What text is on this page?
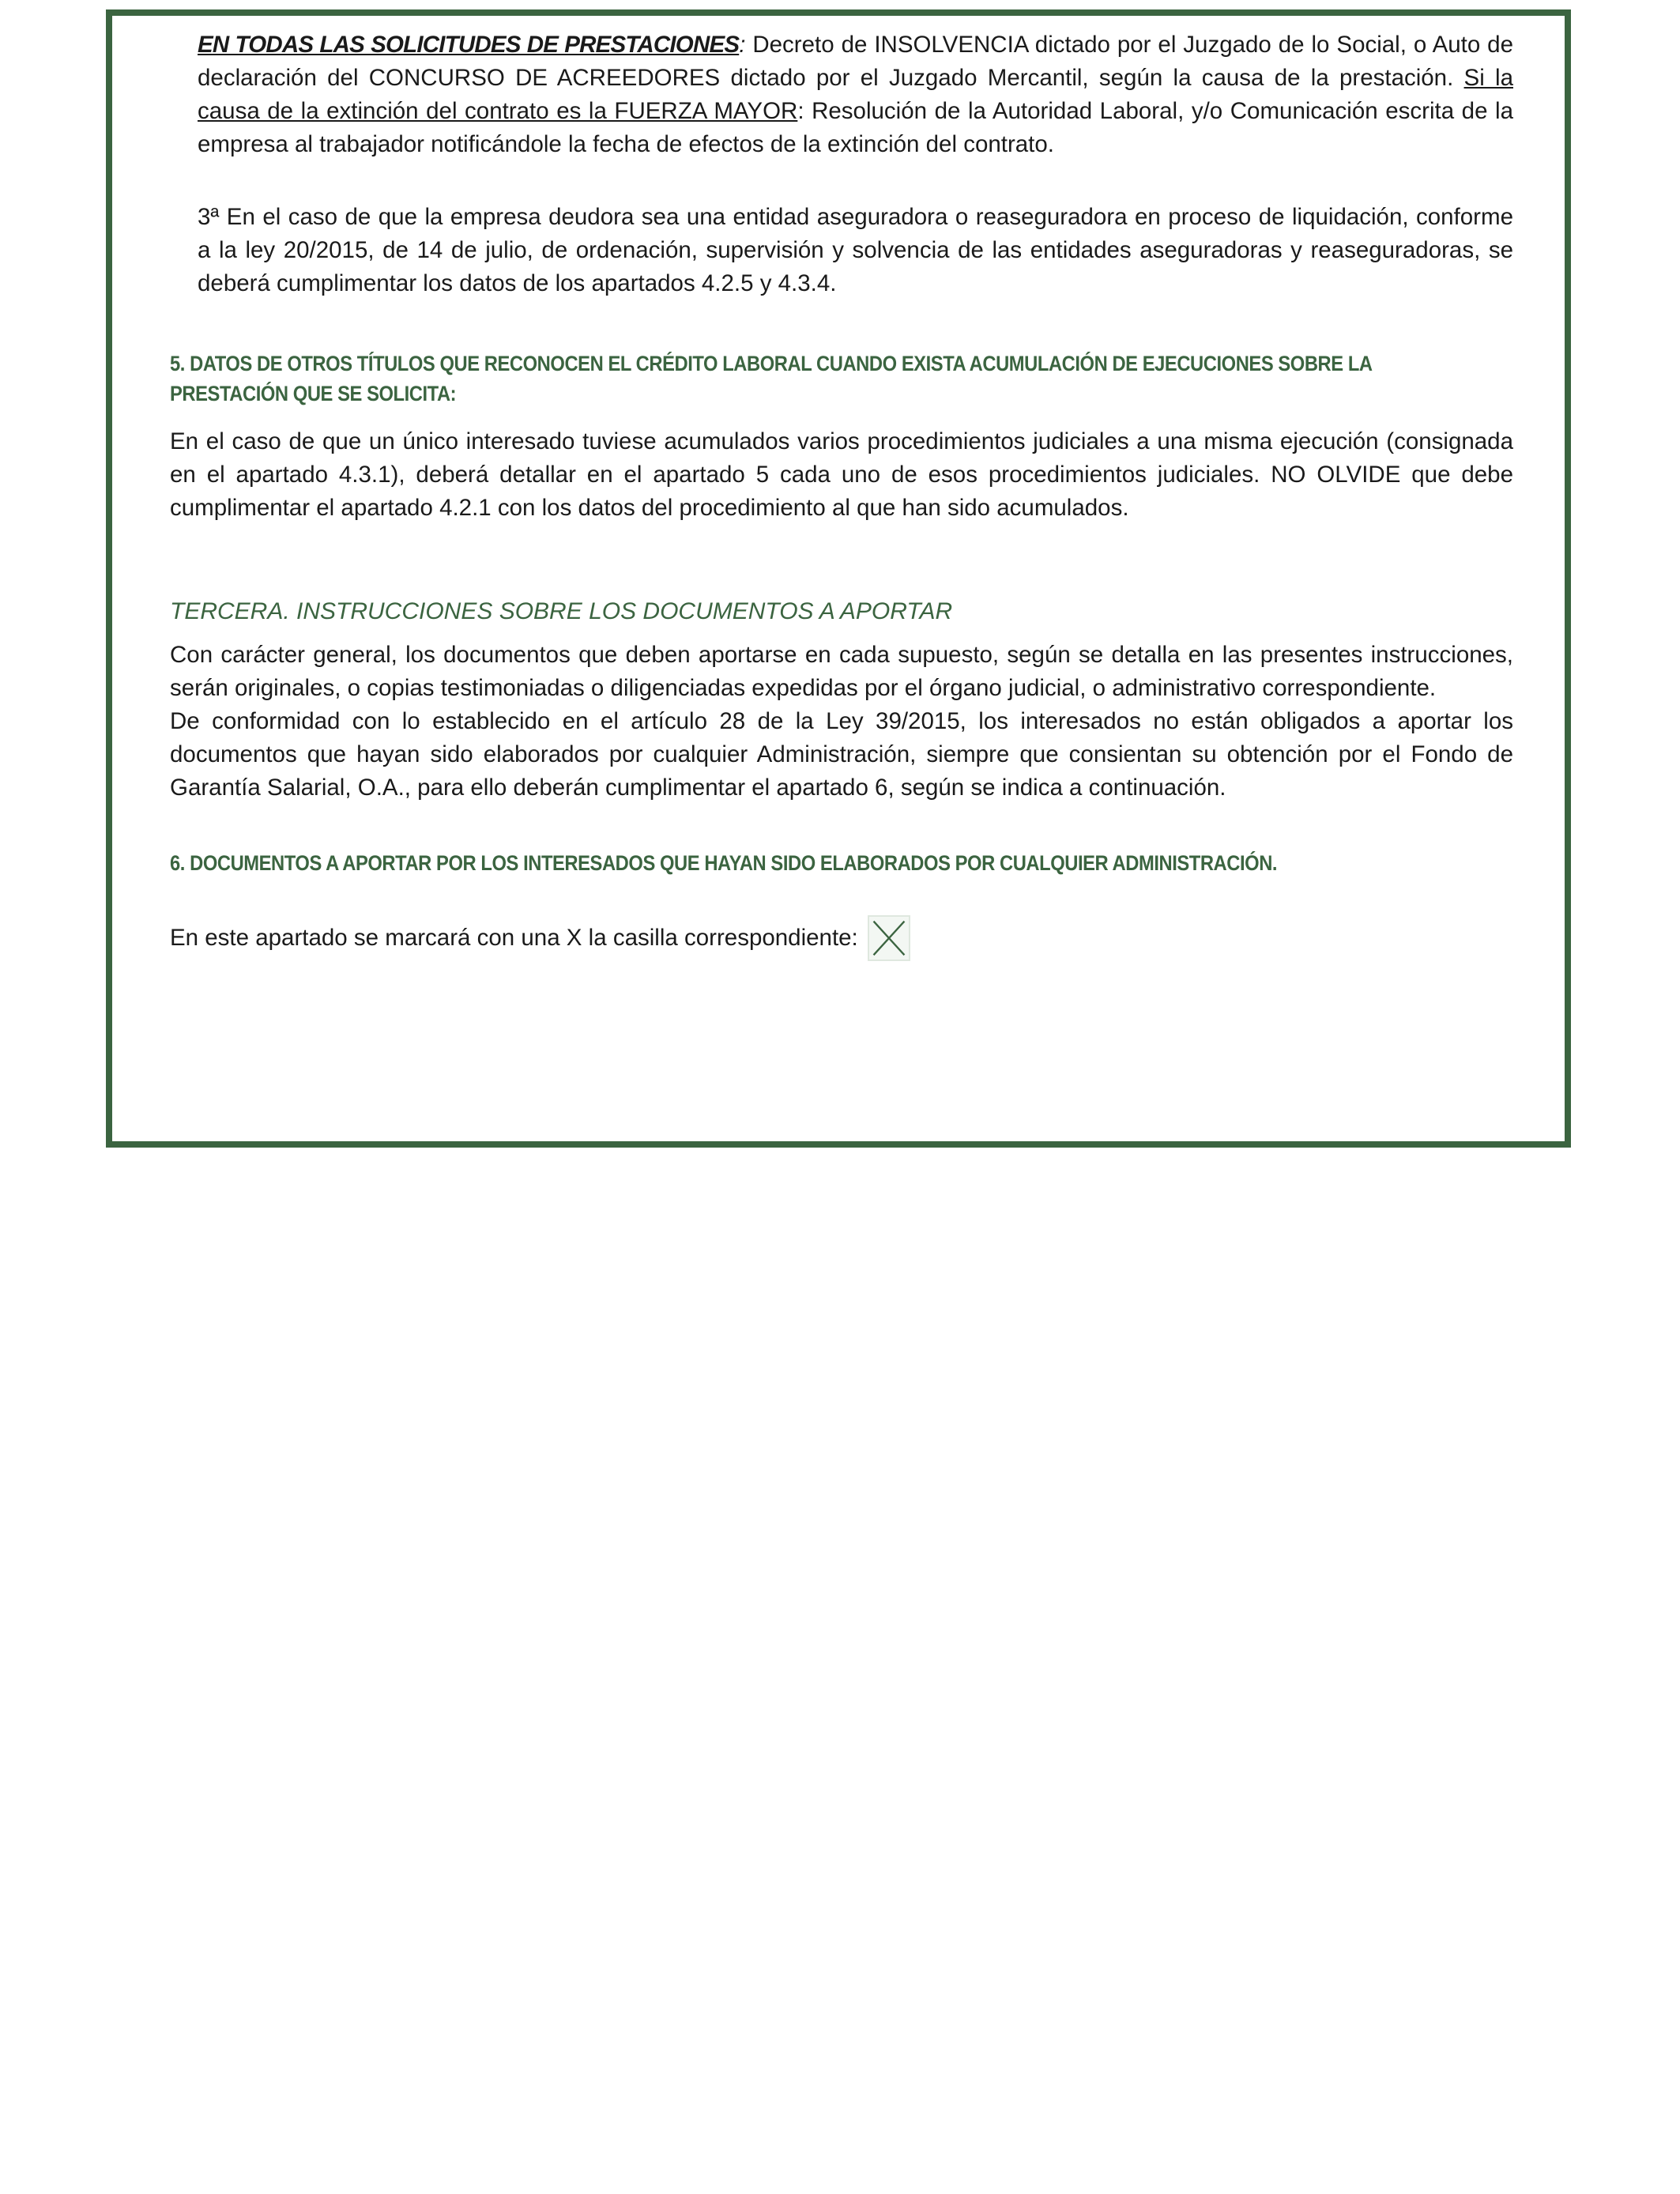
EN TODAS LAS SOLICITUDES DE PRESTACIONES: Decreto de INSOLVENCIA dictado por el Juzgado de lo Social, o Auto de declaración del CONCURSO DE ACREEDORES dictado por el Juzgado Mercantil, según la causa de la prestación. Si la causa de la extinción del contrato es la FUERZA MAYOR: Resolución de la Autoridad Laboral, y/o Comunicación escrita de la empresa al trabajador notificándole la fecha de efectos de la extinción del contrato.

3ª En el caso de que la empresa deudora sea una entidad aseguradora o reaseguradora en proceso de liquidación, conforme a la ley 20/2015, de 14 de julio, de ordenación, supervisión y solvencia de las entidades aseguradoras y reaseguradoras, se deberá cumplimentar los datos de los apartados 4.2.5 y 4.3.4.

5. DATOS DE OTROS TÍTULOS QUE RECONOCEN EL CRÉDITO LABORAL CUANDO EXISTA ACUMULACIÓN DE EJECUCIONES SOBRE LA

PRESTACIÓN QUE SE SOLICITA:

En el caso de que un único interesado tuviese acumulados varios procedimientos judiciales a una misma ejecución (consignada en el apartado 4.3.1), deberá detallar en el apartado 5 cada uno de esos procedimientos judiciales. NO OLVIDE que debe cumplimentar el apartado 4.2.1 con los datos del procedimiento al que han sido acumulados.

TERCERA. INSTRUCCIONES SOBRE LOS DOCUMENTOS A APORTAR

Con carácter general, los documentos que deben aportarse en cada supuesto, según se detalla en las presentes instrucciones, serán originales, o copias testimoniadas o diligenciadas expedidas por el órgano judicial, o administrativo correspondiente.

De conformidad con lo establecido en el artículo 28 de la Ley 39/2015, los interesados no están obligados a aportar los documentos que hayan sido elaborados por cualquier Administración, siempre que consientan su obtención por el Fondo de Garantía Salarial, O.A., para ello deberán cumplimentar el apartado 6, según se indica a continuación.

6. DOCUMENTOS A APORTAR POR LOS INTERESADOS QUE HAYAN SIDO ELABORADOS POR CUALQUIER ADMINISTRACIÓN.

En este apartado se marcará con una X la casilla correspondiente:
